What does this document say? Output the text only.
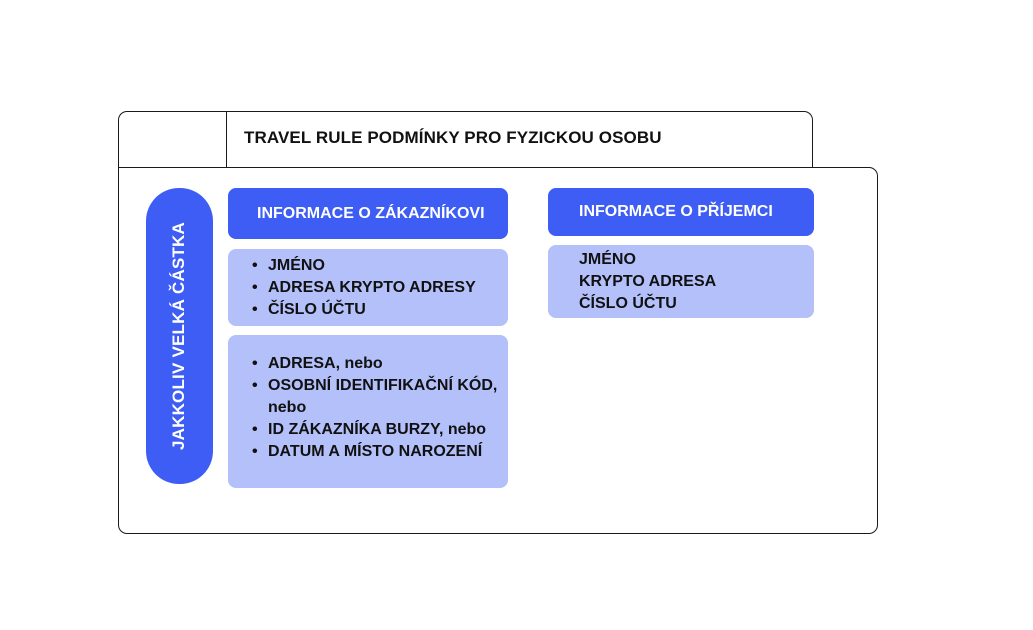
TRAVEL RULE PODMÍNKY PRO FYZICKOU OSOBU
JAKKOLIV VELKÁ ČÁSTKA
INFORMACE O ZÁKAZNÍKOVI
• JMÉNO
• ADRESA KRYPTO ADRESY
• ČÍSLO ÚČTU
• ADRESA, nebo
• OSOBNÍ IDENTIFIKAČNÍ KÓD, nebo
• ID ZÁKAZNÍKA BURZY, nebo
• DATUM A MÍSTO NAROZENÍ
INFORMACE O PŘÍJEMCI
JMÉNO
KRYPTO ADRESA
ČÍSLO ÚČTU
